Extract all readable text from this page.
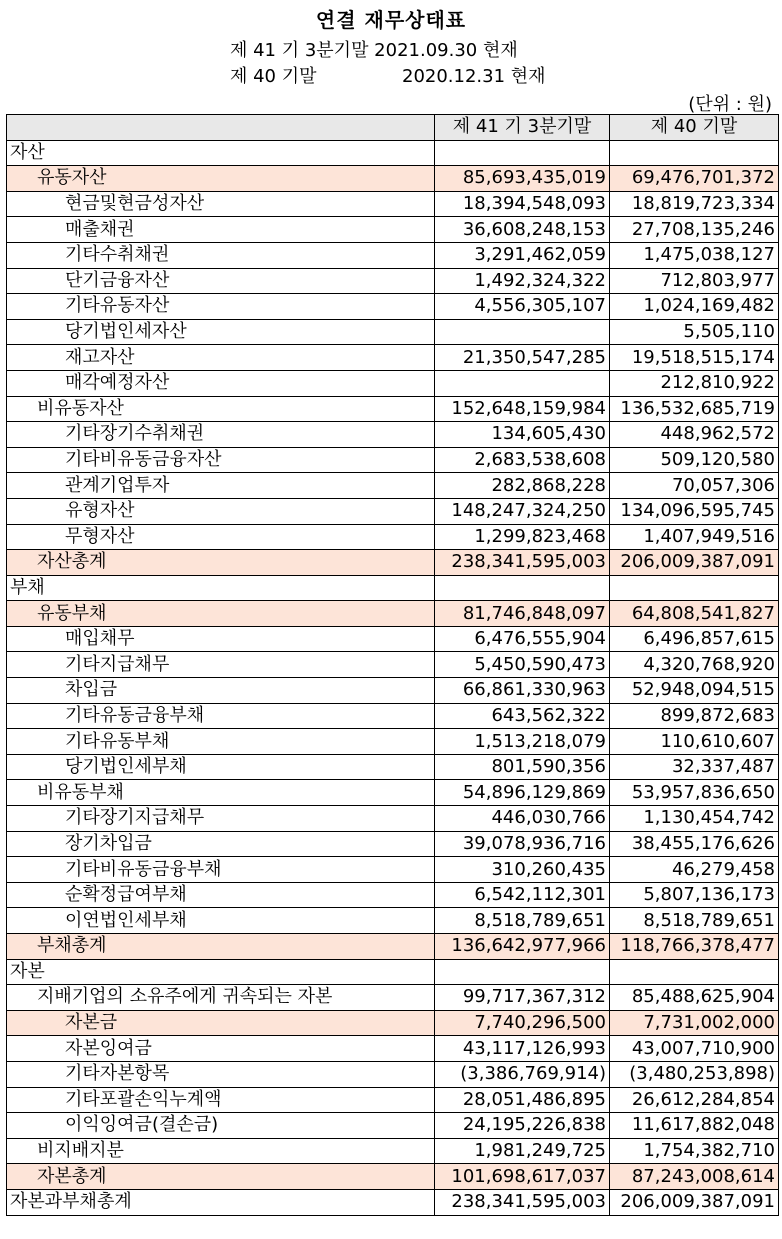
연결 재무상태표
제 41 기 3분기말 2021.09.30 현재
제 40 기말	2020.12.31 현재
(단위 : 원)
	제 41 기 3분기말	제 40 기말
자산		
유동자산	85,693,435,019	69,476,701,372
현금및현금성자산	18,394,548,093	18,819,723,334
매출채권	36,608,248,153	27,708,135,246
기타수취채권	3,291,462,059	1,475,038,127
단기금융자산	1,492,324,322	712,803,977
기타유동자산	4,556,305,107	1,024,169,482
당기법인세자산		5,505,110
재고자산	21,350,547,285	19,518,515,174
매각예정자산		212,810,922
비유동자산	152,648,159,984	136,532,685,719
기타장기수취채권	134,605,430	448,962,572
기타비유동금융자산	2,683,538,608	509,120,580
관계기업투자	282,868,228	70,057,306
유형자산	148,247,324,250	134,096,595,745
무형자산	1,299,823,468	1,407,949,516
자산총계	238,341,595,003	206,009,387,091
부채		
유동부채	81,746,848,097	64,808,541,827
매입채무	6,476,555,904	6,496,857,615
기타지급채무	5,450,590,473	4,320,768,920
차입금	66,861,330,963	52,948,094,515
기타유동금융부채	643,562,322	899,872,683
기타유동부채	1,513,218,079	110,610,607
당기법인세부채	801,590,356	32,337,487
비유동부채	54,896,129,869	53,957,836,650
기타장기지급채무	446,030,766	1,130,454,742
장기차입금	39,078,936,716	38,455,176,626
기타비유동금융부채	310,260,435	46,279,458
순확정급여부채	6,542,112,301	5,807,136,173
이연법인세부채	8,518,789,651	8,518,789,651
부채총계	136,642,977,966	118,766,378,477
자본		
지배기업의 소유주에게 귀속되는 자본	99,717,367,312	85,488,625,904
자본금	7,740,296,500	7,731,002,000
자본잉여금	43,117,126,993	43,007,710,900
기타자본항목	(3,386,769,914)	(3,480,253,898)
기타포괄손익누계액	28,051,486,895	26,612,284,854
이익잉여금(결손금)	24,195,226,838	11,617,882,048
비지배지분	1,981,249,725	1,754,382,710
자본총계	101,698,617,037	87,243,008,614
자본과부채총계	238,341,595,003	206,009,387,091
